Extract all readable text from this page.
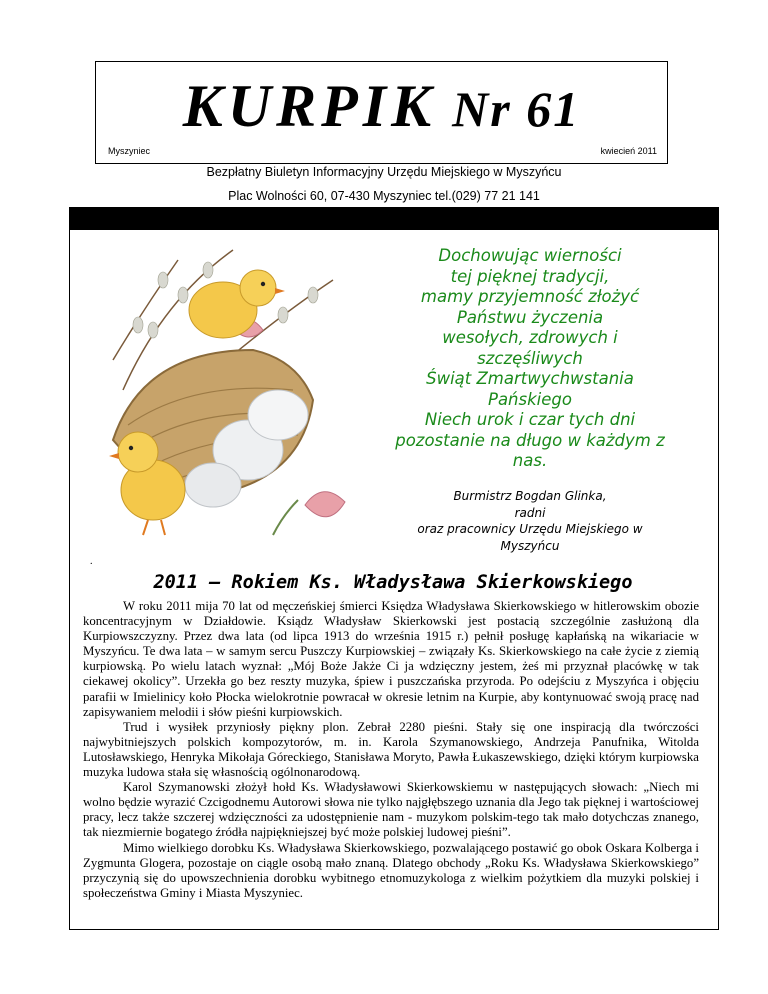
KURPIK Nr 61
Myszyniec	kwiecień 2011
Bezpłatny Biuletyn Informacyjny Urzędu Miejskiego w Myszyńcu
Plac Wolności 60, 07-430 Myszyniec tel.(029) 77 21 141
Dochowując wierności
tej pięknej tradycji,
mamy przyjemność złożyć
Państwu życzenia
wesołych, zdrowych i
szczęśliwych
Świąt Zmartwychwstania
Pańskiego
Niech urok i czar tych dni
pozostanie na długo w każdym z
nas.
Burmistrz Bogdan Glinka,
radni
oraz pracownicy Urzędu Miejskiego w
Myszyńcu
.
2011 – Rokiem Ks. Władysława Skierkowskiego

W roku 2011 mija 70 lat od męczeńskiej śmierci Księdza Władysława Skierkowskiego w hitlerowskim obozie koncentracyjnym w Działdowie. Ksiądz Władysław Skierkowski jest postacią szczególnie zasłużoną dla Kurpiowszczyzny. Przez dwa lata (od lipca 1913 do września 1915 r.) pełnił posługę kapłańską na wikariacie w Myszyńcu. Te dwa lata – w samym sercu Puszczy Kurpiowskiej – związały Ks. Skierkowskiego na całe życie z ziemią kurpiowską. Po wielu latach wyznał: „Mój Boże Jakże Ci ja wdzięczny jestem, żeś mi przyznał placówkę w tak ciekawej okolicy”. Urzekła go bez reszty muzyka, śpiew i puszczańska przyroda. Po odejściu z Myszyńca i objęciu parafii w Imielinicy koło Płocka wielokrotnie powracał w okresie letnim na Kurpie, aby kontynuować swoją pracę nad zapisywaniem melodii i słów pieśni kurpiowskich.

Trud i wysiłek przyniosły piękny plon. Zebrał 2280 pieśni. Stały się one inspiracją dla twórczości najwybitniejszych polskich kompozytorów, m. in. Karola Szymanowskiego, Andrzeja Panufnika, Witolda Lutosławskiego, Henryka Mikołaja Góreckiego, Stanisława Moryto, Pawła Łukaszewskiego, dzięki którym kurpiowska muzyka ludowa stała się własnością ogólnonarodową.

Karol Szymanowski złożył hołd Ks. Władysławowi Skierkowskiemu w następujących słowach: „Niech mi wolno będzie wyrazić Czcigodnemu Autorowi słowa nie tylko najgłębszego uznania dla Jego tak pięknej i wartościowej pracy, lecz także szczerej wdzięczności za udostępnienie nam - muzykom polskim-tego tak mało dotychczas znanego, tak niezmiernie bogatego źródła najpiękniejszej być może polskiej ludowej pieśni”.

Mimo wielkiego dorobku Ks. Władysława Skierkowskiego, pozwalającego postawić go obok Oskara Kolberga i Zygmunta Glogera, pozostaje on ciągle osobą mało znaną. Dlatego obchody „Roku Ks. Władysława Skierkowskiego” przyczynią się do upowszechnienia dorobku wybitnego etnomuzykologa z wielkim pożytkiem dla muzyki polskiej i społeczeństwa Gminy i Miasta Myszyniec.
